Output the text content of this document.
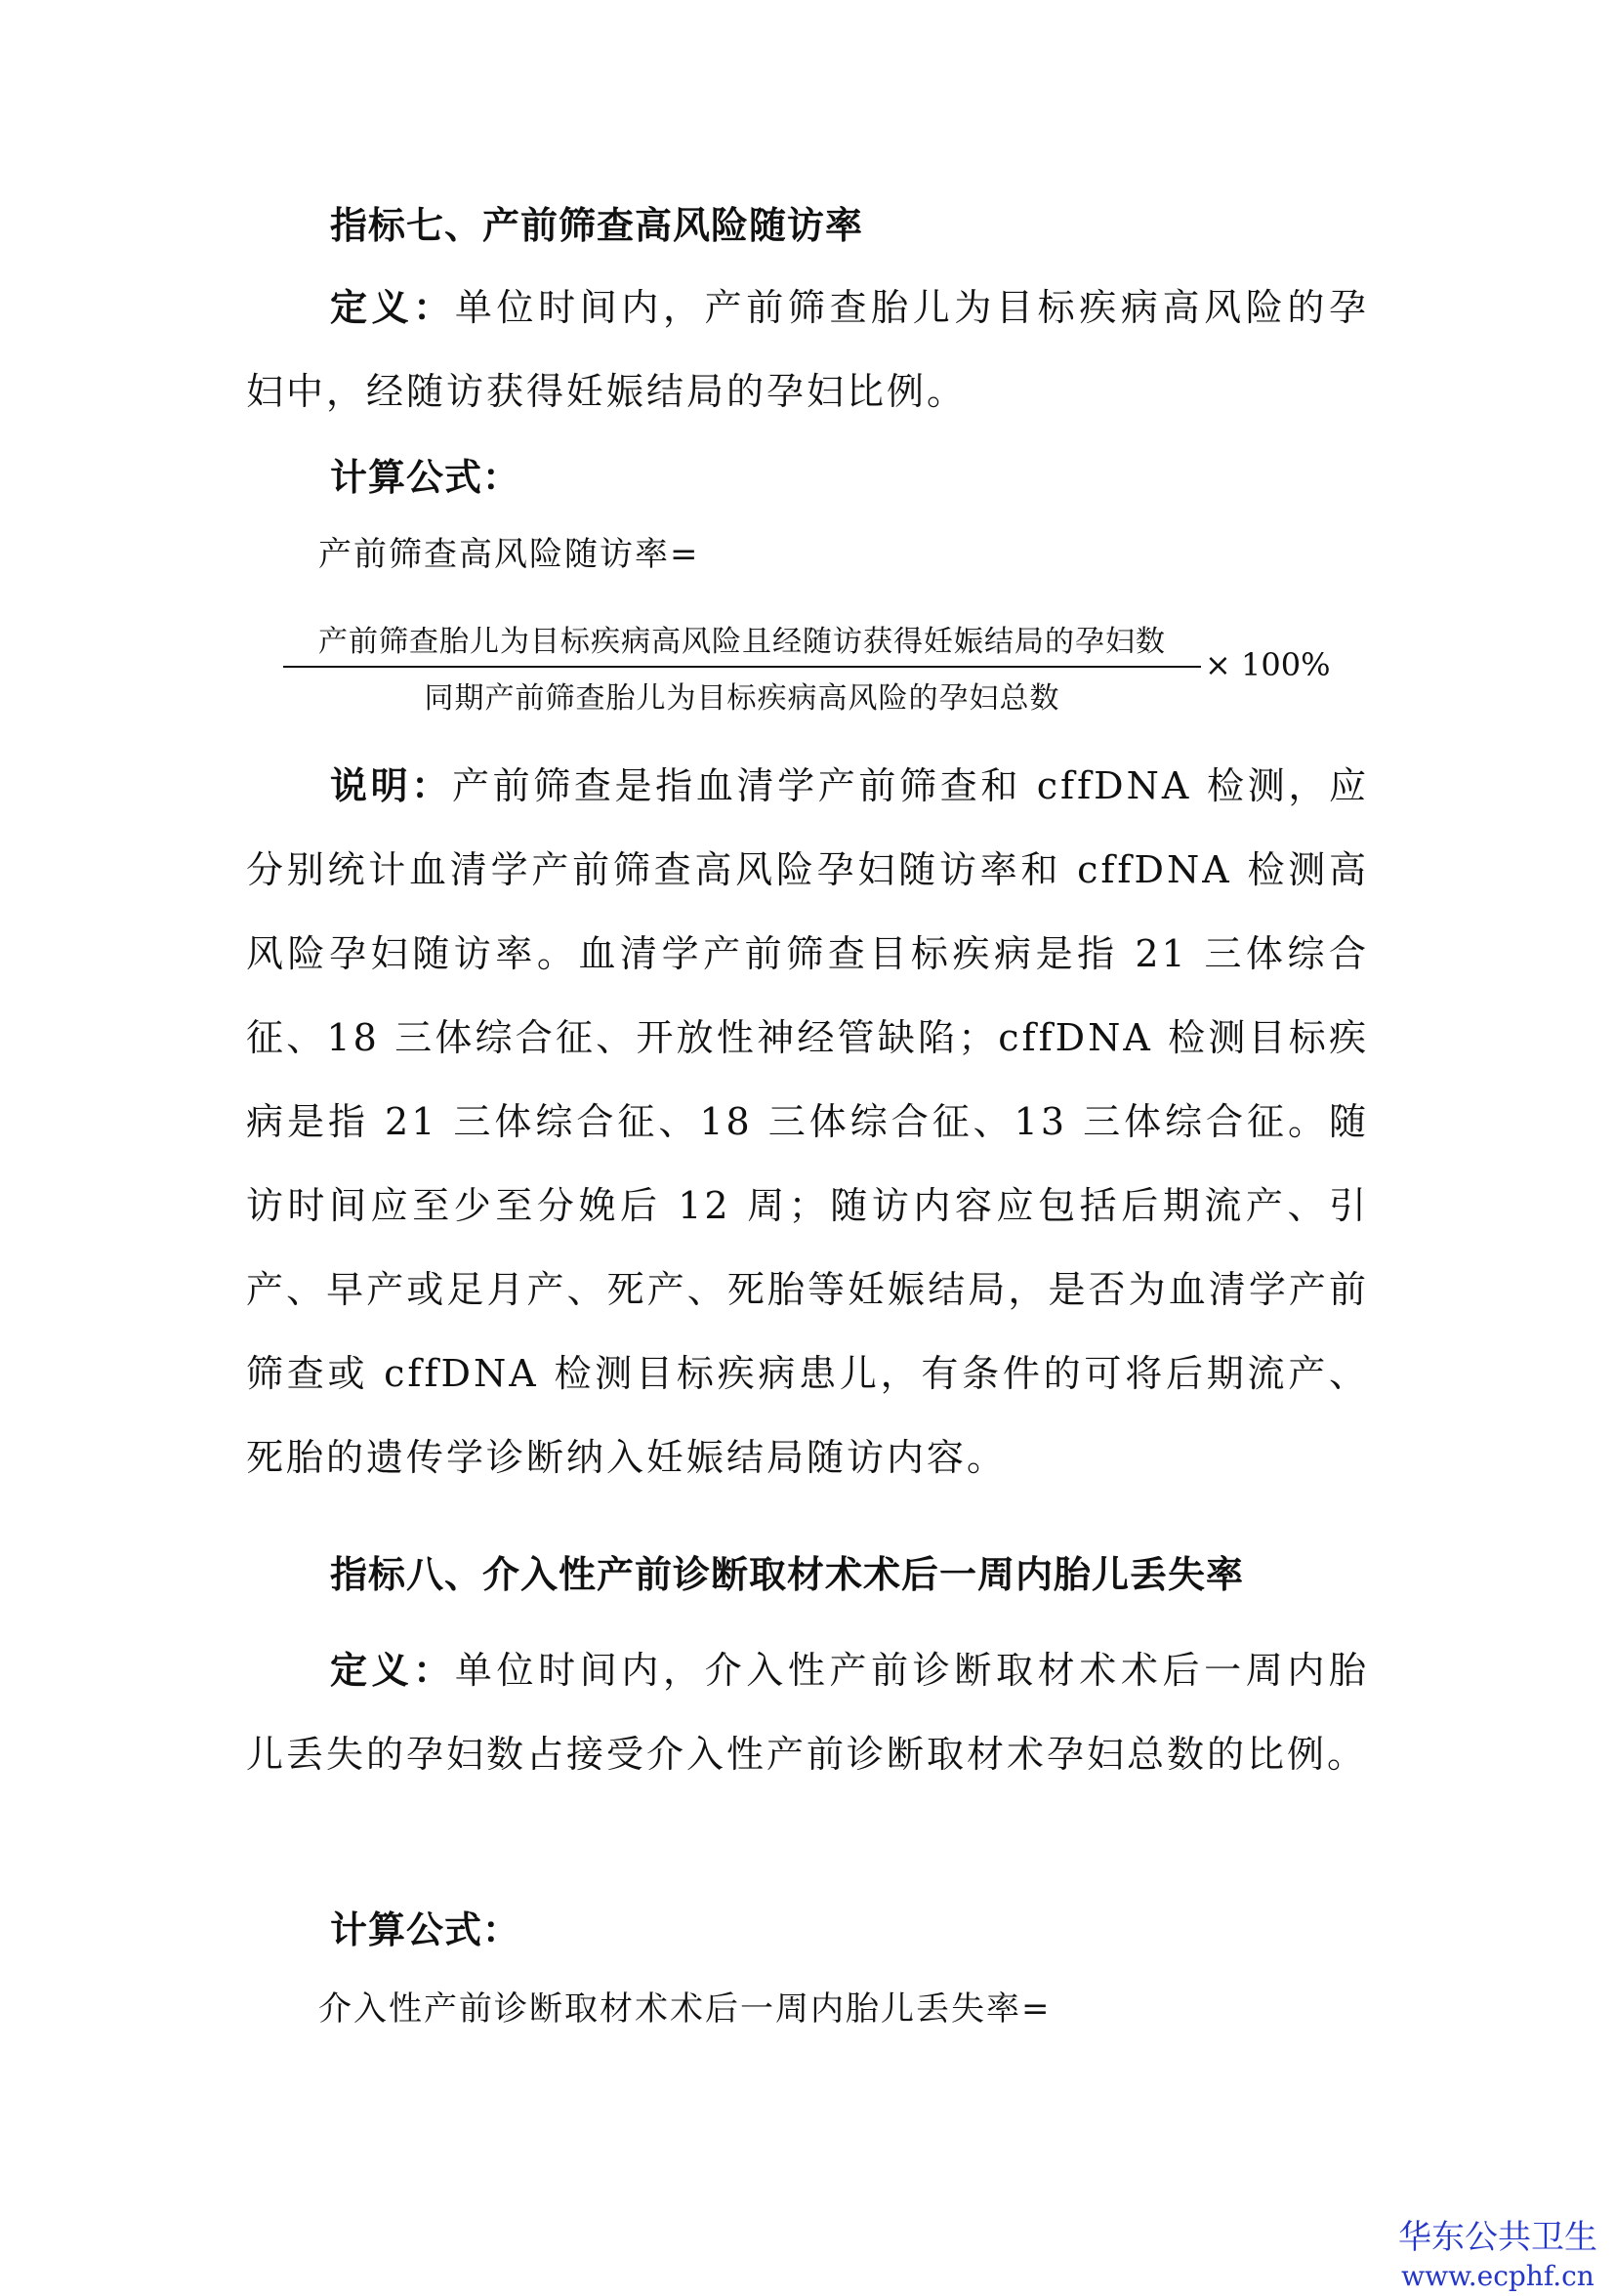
指标七、产前筛查高风险随访率

定义：单位时间内，产前筛查胎儿为目标疾病高风险的孕妇中，经随访获得妊娠结局的孕妇比例。

计算公式：
产前筛查高风险随访率=
产前筛查胎儿为目标疾病高风险且经随访获得妊娠结局的孕妇数
同期产前筛查胎儿为目标疾病高风险的孕妇总数
× 100%

说明：产前筛查是指血清学产前筛查和 cffDNA 检测，应分别统计血清学产前筛查高风险孕妇随访率和 cffDNA 检测高风险孕妇随访率。血清学产前筛查目标疾病是指 21 三体综合征、18 三体综合征、开放性神经管缺陷；cffDNA 检测目标疾病是指 21 三体综合征、18 三体综合征、13 三体综合征。随访时间应至少至分娩后 12 周；随访内容应包括后期流产、引产、早产或足月产、死产、死胎等妊娠结局，是否为血清学产前筛查或 cffDNA 检测目标疾病患儿，有条件的可将后期流产、死胎的遗传学诊断纳入妊娠结局随访内容。

指标八、介入性产前诊断取材术术后一周内胎儿丢失率

定义：单位时间内，介入性产前诊断取材术术后一周内胎儿丢失的孕妇数占接受介入性产前诊断取材术孕妇总数的比例。

计算公式：
介入性产前诊断取材术术后一周内胎儿丢失率=
华东公共卫生
www.ecphf.cn
